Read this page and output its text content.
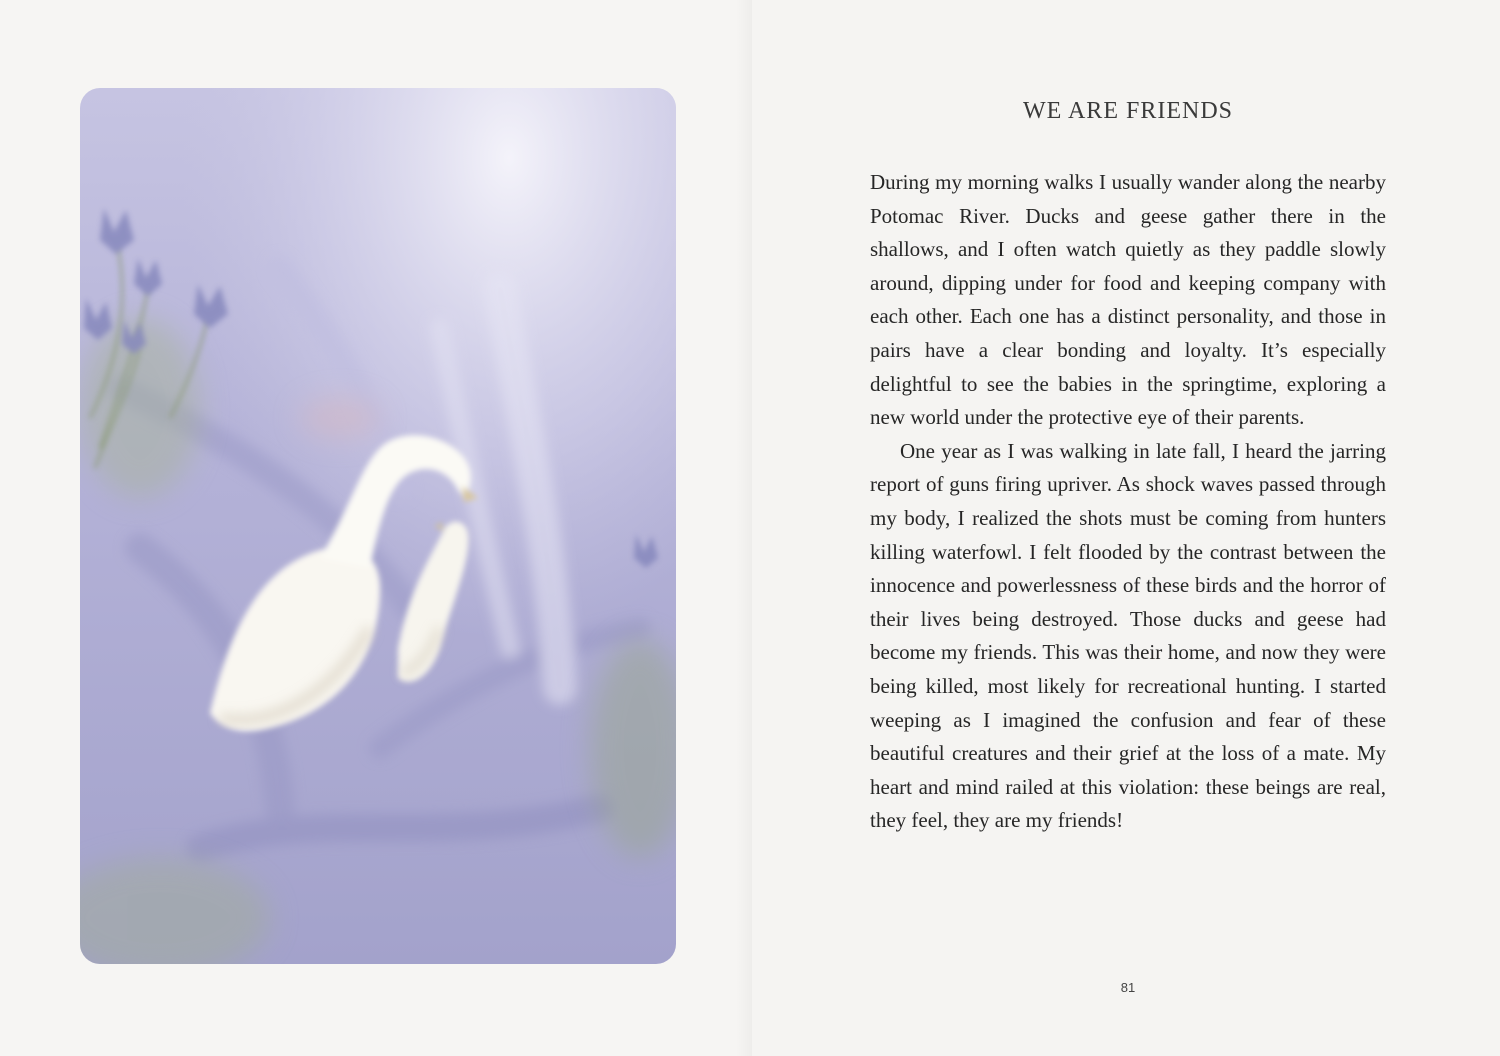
WE ARE FRIENDS

During my morning walks I usually wander along the nearby Potomac River. Ducks and geese gather there in the shallows, and I often watch quietly as they paddle slowly around, dipping under for food and keeping company with each other. Each one has a distinct personality, and those in pairs have a clear bonding and loyalty. It’s especially delightful to see the babies in the springtime, exploring a new world under the protective eye of their parents.

One year as I was walking in late fall, I heard the jarring report of guns firing upriver. As shock waves passed through my body, I realized the shots must be coming from hunters killing waterfowl. I felt flooded by the contrast between the innocence and powerlessness of these birds and the horror of their lives being destroyed. Those ducks and geese had become my friends. This was their home, and now they were being killed, most likely for recreational hunting. I started weeping as I imagined the confusion and fear of these beautiful creatures and their grief at the loss of a mate. My heart and mind railed at this violation: these beings are real, they feel, they are my friends!

81
